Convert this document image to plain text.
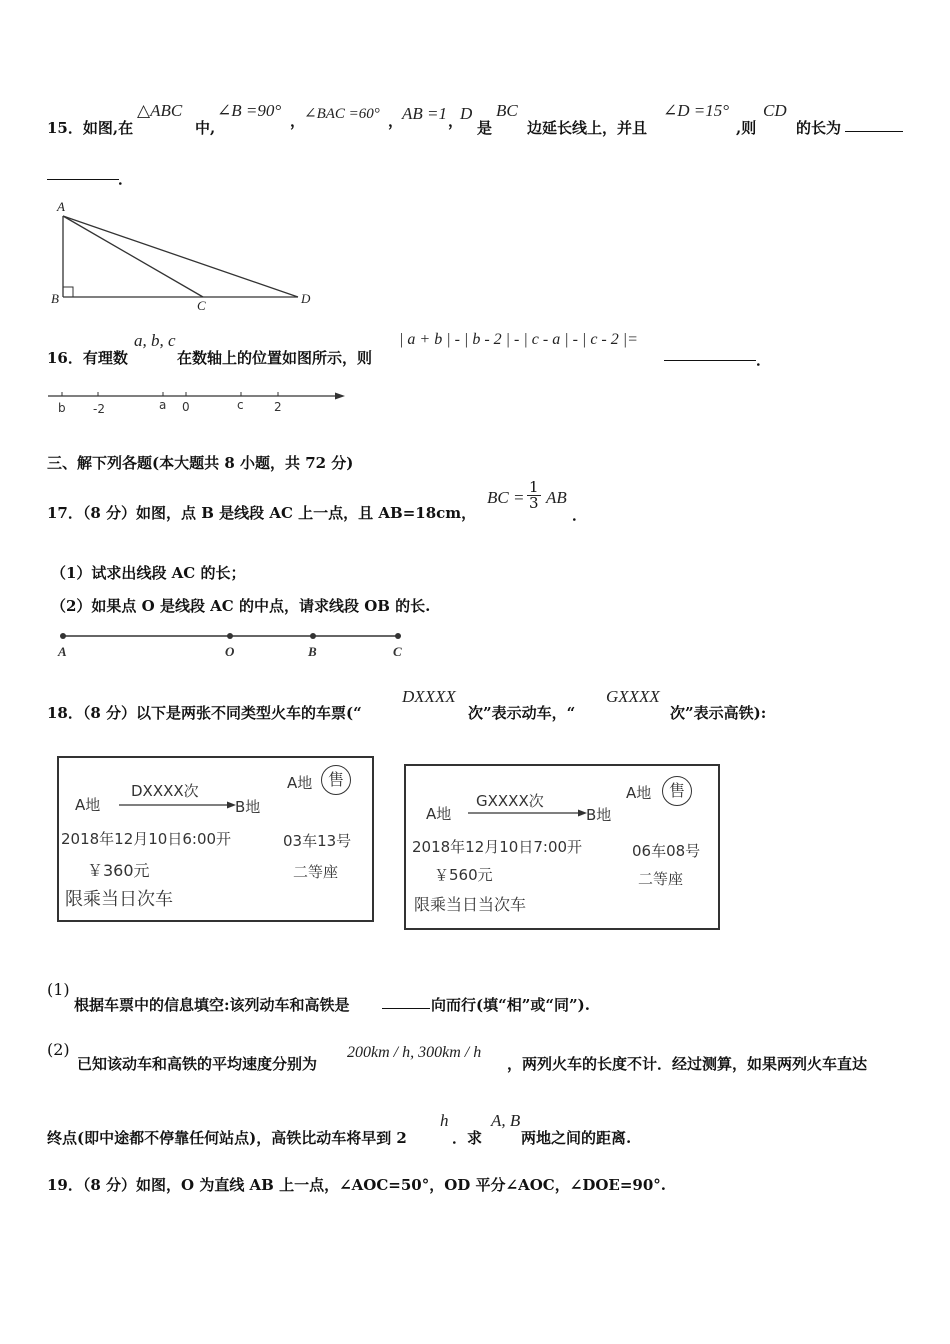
15．如图,在
△ABC
中,
∠B =90°
，
∠BAC =60° ，
AB =1 ，
D
是
BC
边延长线上，并且
∠D =15°
,则
CD
的长为
．
A
B	C	D
16．有理数
a, b, c
在数轴上的位置如图所示，则
| a + b | - | b - 2 | - | c - a | - | c - 2 |=
．
b -2	a 0	c	2
三、解下列各题(本大题共 8 小题，共 72 分)
17．（8 分）如图，点 B 是线段 AC 上一点，且 AB=18cm，
BC = $\frac{1}{3}$ AB
．
（1）试求出线段 AC 的长；
（2）如果点 O 是线段 AC 的中点，请求线段 OB 的长.
A	O	B	C
18．（8 分）以下是两张不同类型火车的车票(“
DXXXX
次”表示动车，“
GXXXX
次”表示高铁):
A地
DXXXX次
B地
A地 售
2018年12月10日6:00开	03车13号
￥360元	二等座
限乘当日次车
A地
GXXXX次
B地
A地	售
2018年12月10日7:00开	06车08号
￥560元	二等座
限乘当日当次车
(1)
根据车票中的信息填空:该列动车和高铁是	向而行(填“相”或“同”).
(2)
已知该动车和高铁的平均速度分别为
200km / h, 300km / h
，两列火车的长度不计．经过测算，如果两列火车直达
终点(即中途都不停靠任何站点)，高铁比动车将早到 2
h
．求
A, B
两地之间的距离.
19．（8 分）如图，O 为直线 AB 上一点，∠AOC=50°，OD 平分∠AOC，∠DOE=90°.
